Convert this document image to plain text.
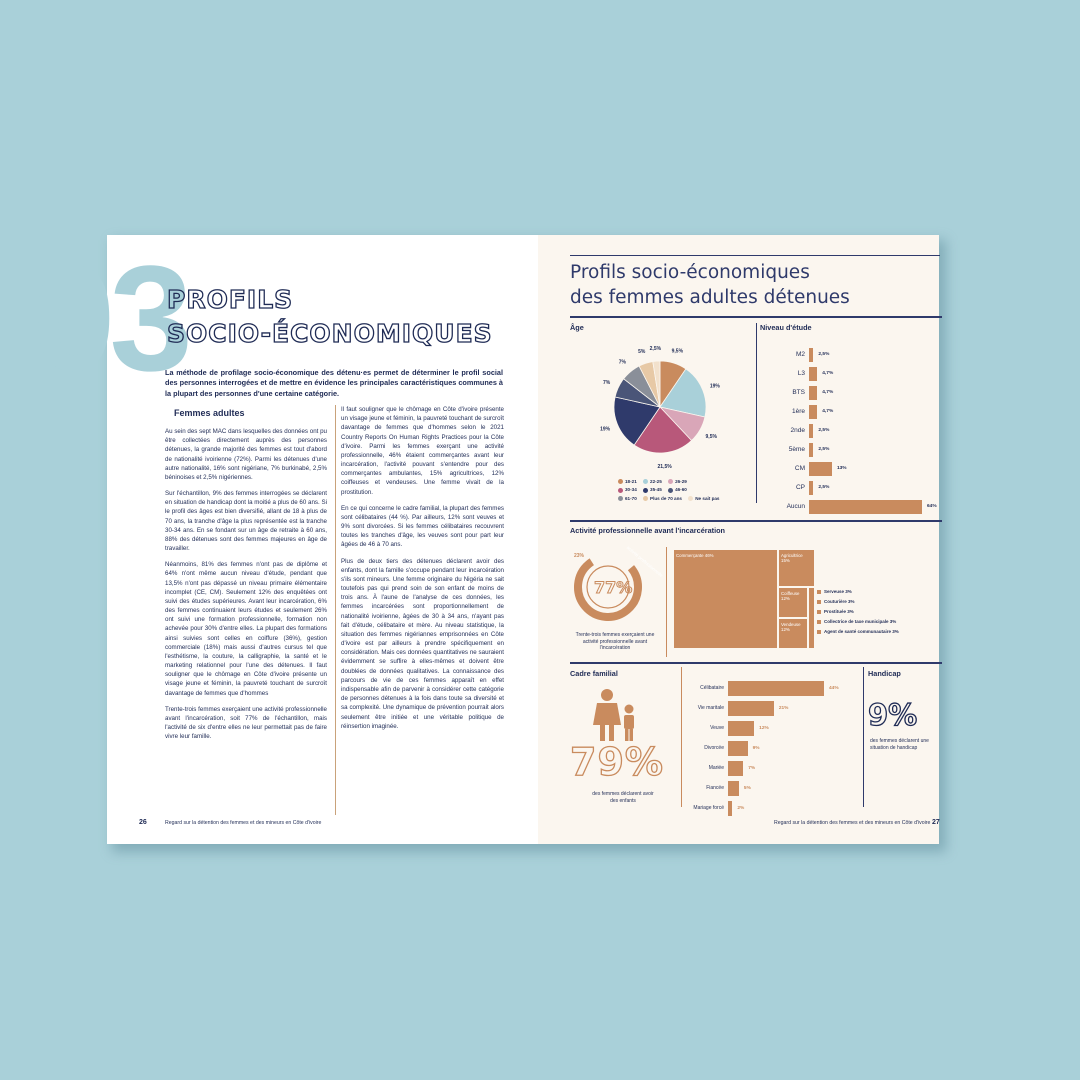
03
PROFILS
SOCIO-ÉCONOMIQUES
La méthode de profilage socio-économique des détenu·es permet de déterminer le profil social des personnes interrogées et de mettre en évidence les principales caractéristiques communes à la plupart des personnes d'une certaine catégorie.
Femmes adultes

Au sein des sept MAC dans lesquelles des données ont pu être collectées directement auprès des personnes détenues, la grande majorité des femmes est tout d'abord de nationalité ivoirienne (72%). Parmi les détenues d'une autre nationalité, 16% sont nigériane, 7% burkinabé, 2,5% béninoises et 2,5% nigériennes.

Sur l'échantillon, 9% des femmes interrogées se déclarent en situation de handicap dont la moitié a plus de 60 ans. Si le profil des âges est bien diversifié, allant de 18 à plus de 70 ans, la tranche d'âge la plus représentée est la tranche 30-34 ans. En se fondant sur un âge de retraite à 60 ans, 88% des détenues sont des femmes majeures en âge de travailler.

Néanmoins, 81% des femmes n'ont pas de diplôme et 64% n'ont même aucun niveau d'étude, pendant que 13,5% n'ont pas dépassé un niveau primaire élémentaire incomplet (CE, CM). Seulement 12% des enquêtées ont suivi des études supérieures. Avant leur incarcération, 6% des femmes continuaient leurs études et seulement 26% ont suivi une formation professionnelle, formation non achevée pour 30% d'entre elles. La plupart des formations ainsi suivies sont celles en coiffure (36%), gestion commerciale (18%) mais aussi d'autres cursus tel que l'esthétisme, la couture, la calligraphie, la santé et le marketing relationnel pour l'une des détenues. Il faut souligner que le chômage en Côte d'ivoire présente un visage jeune et féminin, la pauvreté touchant de surcroît davantage de femmes que d'hommes

Trente-trois femmes exerçaient une activité professionnelle avant l'incarcération, soit 77% de l'échantillon, mais l'activité de six d'entre elles ne leur permettait pas de faire vivre leur famille.

Il faut souligner que le chômage en Côte d'ivoire présente un visage jeune et féminin, la pauvreté touchant de surcroît davantage de femmes que d'hommes selon le 2021 Country Reports On Human Rights Practices pour la Côte d'ivoire. Parmi les femmes exerçant une activité professionnelle, 46% étaient commerçantes avant leur incarcération, l'activité pouvant s'entendre pour des commerçantes ambulantes, 15% agricultrices, 12% coiffeuses et vendeuses. Une femme vivait de la prostitution.

En ce qui concerne le cadre familial, la plupart des femmes sont célibataires (44 %). Par ailleurs, 12% sont veuves et 9% sont divorcées. Si les femmes célibataires recouvrent toutes les tranches d'âge, les veuves sont pour part leur âgées de 46 à 70 ans.

Plus de deux tiers des détenues déclarent avoir des enfants, dont la famille s'occupe pendant leur incarcération s'ils sont mineurs. Une femme originaire du Nigéria ne sait toutefois pas qui prend soin de son enfant de moins de trois ans. À l'aune de l'analyse de ces données, les femmes incarcérées sont proportionnellement de nationalité ivoirienne, âgées de 30 à 34 ans, n'ayant pas fait d'étude, célibataire et mère. Au niveau statistique, la situation des femmes nigériannes emprisonnées en Côte d'ivoire est par ailleurs à prendre spécifiquement en considération. Mais ces données quantitatives ne sauraient évidemment se suffire à elles-mêmes et doivent être doublées de données qualitatives. La connaissance des parcours de vie de ces femmes apparaît en effet indispensable afin de parvenir à considérer cette catégorie de personnes détenues à la fois dans toute sa diversité et sa complexité. Une dynamique de prévention pourrait alors seulement être initiée et une véritable politique de réinsertion imaginée.

26	Regard sur la détention des femmes et des mineurs en Côte d'ivoire
Profils socio-économiques
des femmes adultes détenues
Âge
9,5%
19%
9,5%
21,5%
19%
7%
7%
5% 2,5%
18-21	22-25	26-29
30-34	35-45	46-60
61-70	Plus de 70 ans	Ne sait pas
Niveau d'étude
M2	2,5%
L3	4,7%
BTS	4,7%
1ère	4,7%
2nde	2,5%
5ème	2,5%
CM	13%
CP	2,5%
Aucun	64%
Activité professionnelle avant l'incarcération
23%	activité professionnelle
77%
Trente-trois femmes exerçaient une activité professionnelle avant l'incarcération
Commerçante 46%	Agricultrice 15%
Coiffeuse 12%
Vendeuse 12%
Serveuse 3%
Couturière 3%
Prostituée 3%
Collectrice de taxe municipale 3%
Agent de santé communautaire 3%
Cadre familial
79%
des femmes déclarent avoir des enfants
Célibataire	44%
Vie maritale	21%
Veuve	12%
Divorcée	9%
Mariée	7%
Fiancée	5%
Mariage forcé	2%
Handicap
9%
des femmes déclarent une situation de handicap
Regard sur la détention des femmes et des mineurs en Côte d'ivoire 27
